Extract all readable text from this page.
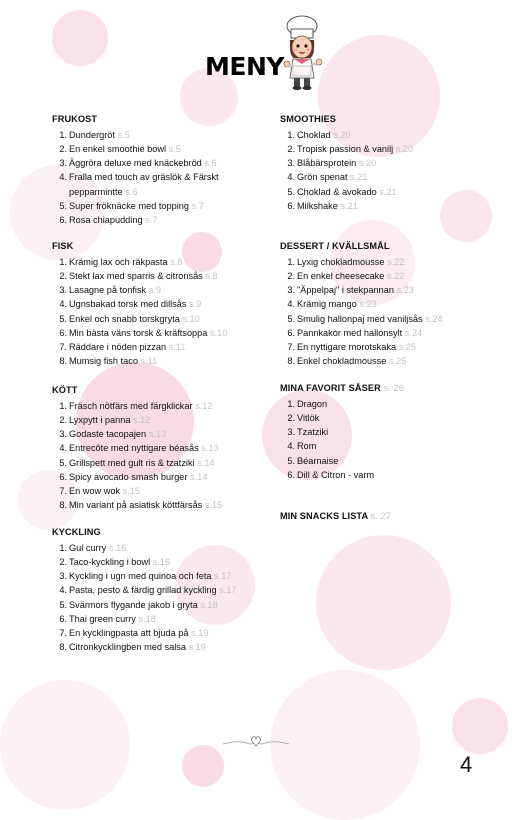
MENY
FRUKOST
1. Dundergröt s.5
2. En enkel smoothie bowl s.5
3. Äggröra deluxe med knäckebröd s.6
4. Fralla med touch av gräslök & Färskt
pepparmintte s.6
5. Super fröknäcke med topping s.7
6. Rosa chiapudding s.7
FISK
1. Krämig lax och räkpasta s.8
2. Stekt lax med sparris & citronsås s.8
3. Lasagne på tonfisk s.9
4. Ugnsbakad torsk med dillsås s.9
5. Enkel och snabb torskgryta s.10
6. Min bästa väns torsk & kräftsoppa s.10
7. Räddare i nöden pizzan s.11
8. Mumsig fish taco s.11
KÖTT
1. Fräsch nötfärs med färgklickar s.12
2. Lyxpytt i panna s.12
3. Godaste tacopajen s.13
4. Entrecôte med nyttigare béasås s.13
5. Grillspett med gult ris & tzatziki s.14
6. Spicy avocado smash burger s.14
7. En wow wok s.15
8. Min variant på asiatisk köttfärsås s.15
KYCKLING
1. Gul curry s.16
2. Taco-kyckling i bowl s.16
3. Kyckling i ugn med quinoa och feta s.17
4. Pasta, pesto & färdig grillad kyckling s.17
5. Svärmors flygande jakob i gryta s.18
6. Thai green curry s.18
7. En kycklingpasta att bjuda på s.19
8. Citronkycklingben med salsa s.19
SMOOTHIES
1. Choklad s.20
2. Tropisk passion & vanilj s.20
3. Blåbärsprotein s.20
4. Grön spenat s.21
5. Choklad & avokado s.21
6. Milkshake s.21
DESSERT / KVÄLLSMÅL
1. Lyxig chokladmousse s.22
2. En enkel cheesecake s.22
3. "Äppelpaj" i stekpannan s.23
4. Krämig mango s.23
5. Smulig hallonpaj med vaniljsås s.24
6. Pannkakor med hallonsylt s.24
7. En nyttigare morotskaka s.25
8. Enkel chokladmousse s.25
MINA FAVORIT SÅSER s. 26
1. Dragon
2. Vitlök
3. Tzatziki
4. Rom
5. Béarnaise
6. Dill & Citron - varm
MIN SNACKS LISTA s. 27
4
